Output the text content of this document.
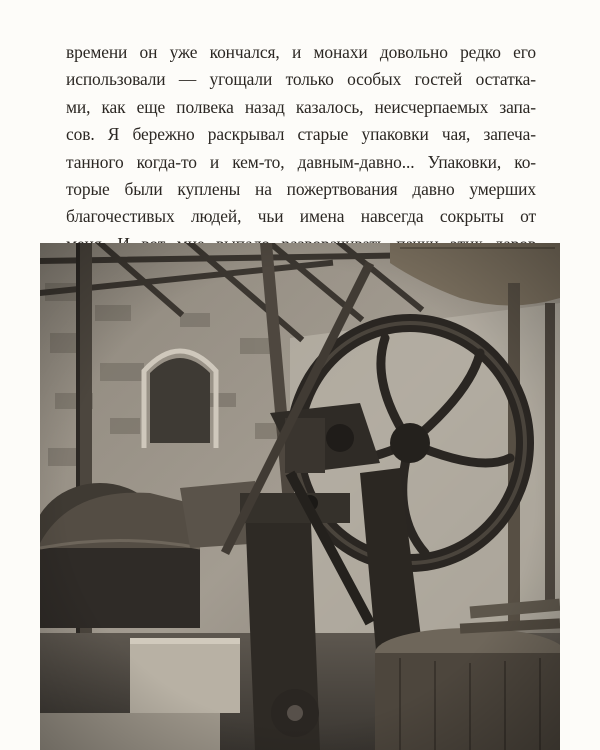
времени он уже кончался, и монахи довольно редко его
использовали — угощали только особых гостей остатка-
ми, как еще полвека назад казалось, неисчерпаемых запа-
сов. Я бережно раскрывал старые упаковки чая, запеча-
танного когда-то и кем-то, давным-давно... Упаковки, ко-
торые были куплены на пожертвования давно умерших
благочестивых людей, чьи имена навсегда сокрыты от
